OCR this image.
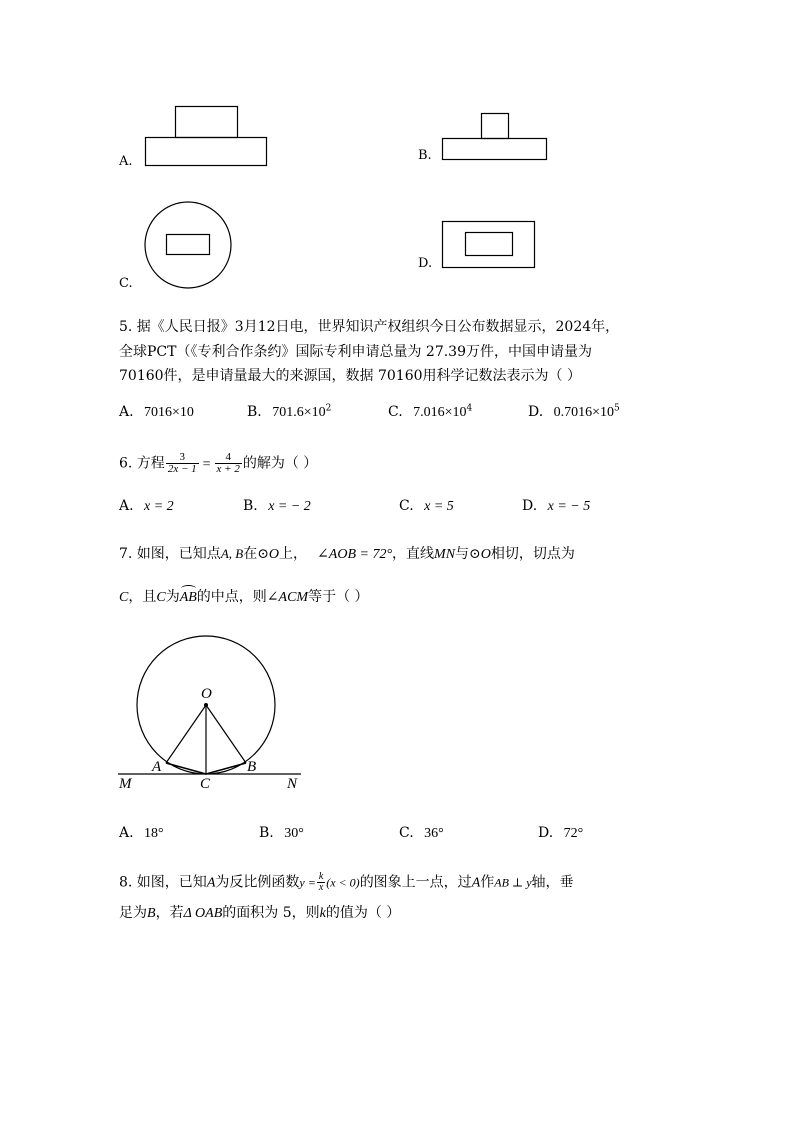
A.	B.
C.
D.
5. 据《人民日报》3月12日电，世界知识产权组织今日公布数据显示，2024年，
全球PCT（《专利合作条约》国际专利申请总量为 27.39万件，中国申请量为
70160件，是申请量最大的来源国，数据 70160用科学记数法表示为（ ）
A. 7016×10	B. $701.6\times 10^2$	C. $7.016\times 10^4$	D. $0.7016\times 10^5$
6. 方程 $\frac{3}{2x - 1} = \frac{4}{x + 2}$ 的解为（ ）
A. x = 2	B. x = − 2	C. x = 5	D. x = − 5
7. 如图，已知点A, B在⊙O上， ∠AOB = 72°，直线MN与⊙O相切，切点为
C，且C为AB的中点，则∠ACM等于（ ）
O
A	B
M	C	N
A. 18°	B. 30°	C. 36°	D. 72°
8. 如图，已知A为反比例函数$y = \frac{k}{x} (x < 0)$的图象上一点，过A作AB ⊥ y轴，垂
足为B，若Δ OAB的面积为 5，则k的值为（ ）
